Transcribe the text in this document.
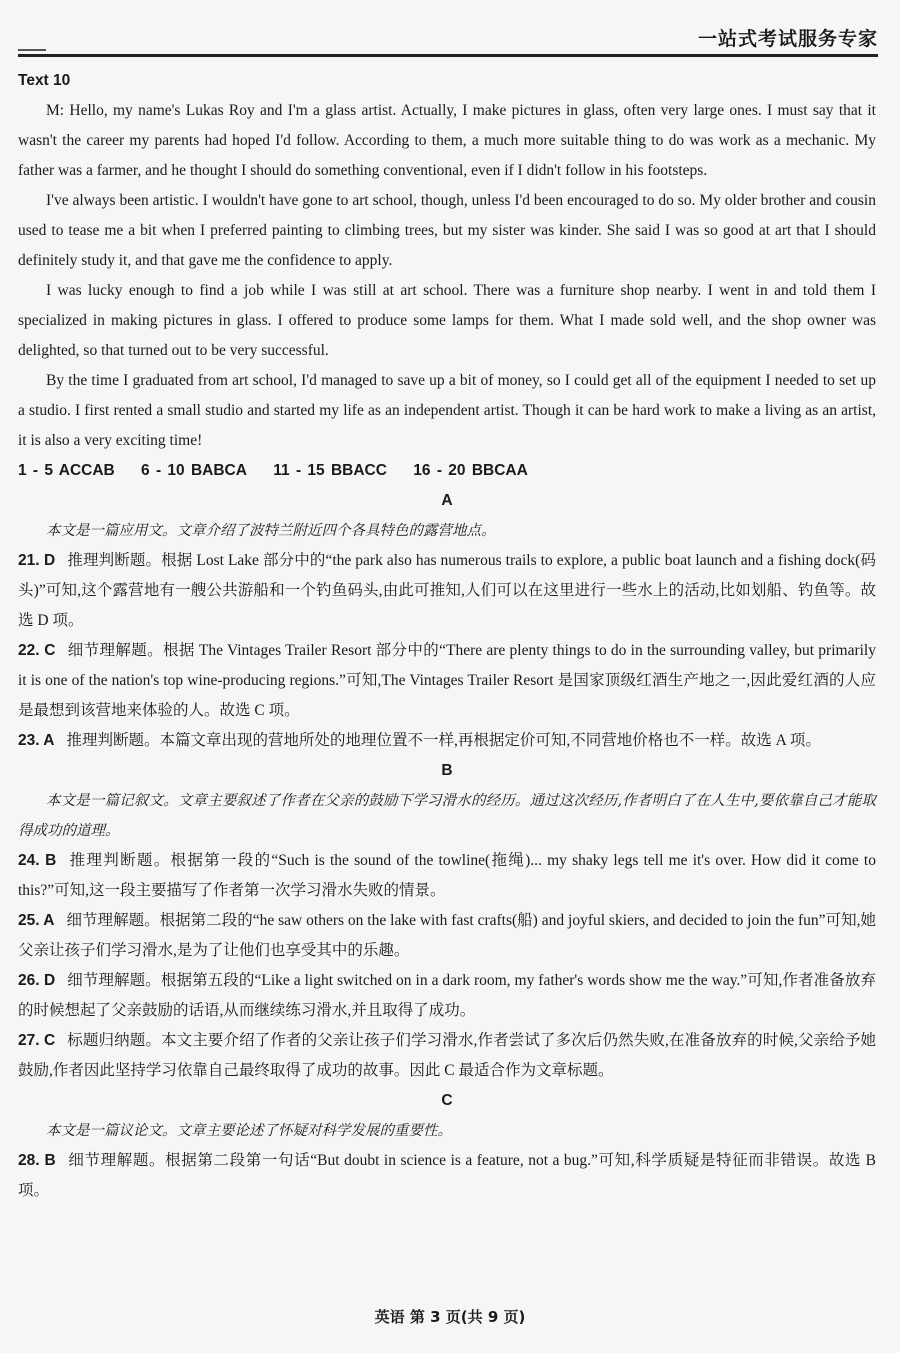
一站式考试服务专家
Text 10

M: Hello, my name's Lukas Roy and I'm a glass artist. Actually, I make pictures in glass, often very large ones. I must say that it wasn't the career my parents had hoped I'd follow. According to them, a much more suitable thing to do was work as a mechanic. My father was a farmer, and he thought I should do something conventional, even if I didn't follow in his footsteps.

I've always been artistic. I wouldn't have gone to art school, though, unless I'd been encouraged to do so. My older brother and cousin used to tease me a bit when I preferred painting to climbing trees, but my sister was kinder. She said I was so good at art that I should definitely study it, and that gave me the confidence to apply.

I was lucky enough to find a job while I was still at art school. There was a furniture shop nearby. I went in and told them I specialized in making pictures in glass. I offered to produce some lamps for them. What I made sold well, and the shop owner was delighted, so that turned out to be very successful.

By the time I graduated from art school, I'd managed to save up a bit of money, so I could get all of the equipment I needed to set up a studio. I first rented a small studio and started my life as an independent artist. Though it can be hard work to make a living as an artist, it is also a very exciting time!

1 - 5 ACCAB 6 - 10 BABCA 11 - 15 BBACC 16 - 20 BBCAA

A

本文是一篇应用文。文章介绍了波特兰附近四个各具特色的露营地点。

21. D 推理判断题。根据 Lost Lake 部分中的“the park also has numerous trails to explore, a public boat launch and a fishing dock(码头)”可知,这个露营地有一艘公共游船和一个钓鱼码头,由此可推知,人们可以在这里进行一些水上的活动,比如划船、钓鱼等。故选 D 项。

22. C 细节理解题。根据 The Vintages Trailer Resort 部分中的“There are plenty things to do in the surrounding valley, but primarily it is one of the nation's top wine-producing regions.”可知,The Vintages Trailer Resort 是国家顶级红酒生产地之一,因此爱红酒的人应是最想到该营地来体验的人。故选 C 项。

23. A 推理判断题。本篇文章出现的营地所处的地理位置不一样,再根据定价可知,不同营地价格也不一样。故选 A 项。

B

本文是一篇记叙文。文章主要叙述了作者在父亲的鼓励下学习滑水的经历。通过这次经历,作者明白了在人生中,要依靠自己才能取得成功的道理。

24. B 推理判断题。根据第一段的“Such is the sound of the towline(拖绳)... my shaky legs tell me it's over. How did it come to this?”可知,这一段主要描写了作者第一次学习滑水失败的情景。

25. A 细节理解题。根据第二段的“he saw others on the lake with fast crafts(船) and joyful skiers, and decided to join the fun”可知,她父亲让孩子们学习滑水,是为了让他们也享受其中的乐趣。

26. D 细节理解题。根据第五段的“Like a light switched on in a dark room, my father's words show me the way.”可知,作者准备放弃的时候想起了父亲鼓励的话语,从而继续练习滑水,并且取得了成功。

27. C 标题归纳题。本文主要介绍了作者的父亲让孩子们学习滑水,作者尝试了多次后仍然失败,在准备放弃的时候,父亲给予她鼓励,作者因此坚持学习依靠自己最终取得了成功的故事。因此 C 最适合作为文章标题。

C

本文是一篇议论文。文章主要论述了怀疑对科学发展的重要性。

28. B 细节理解题。根据第二段第一句话“But doubt in science is a feature, not a bug.”可知,科学质疑是特征而非错误。故选 B 项。

英语 第 3 页(共 9 页)
